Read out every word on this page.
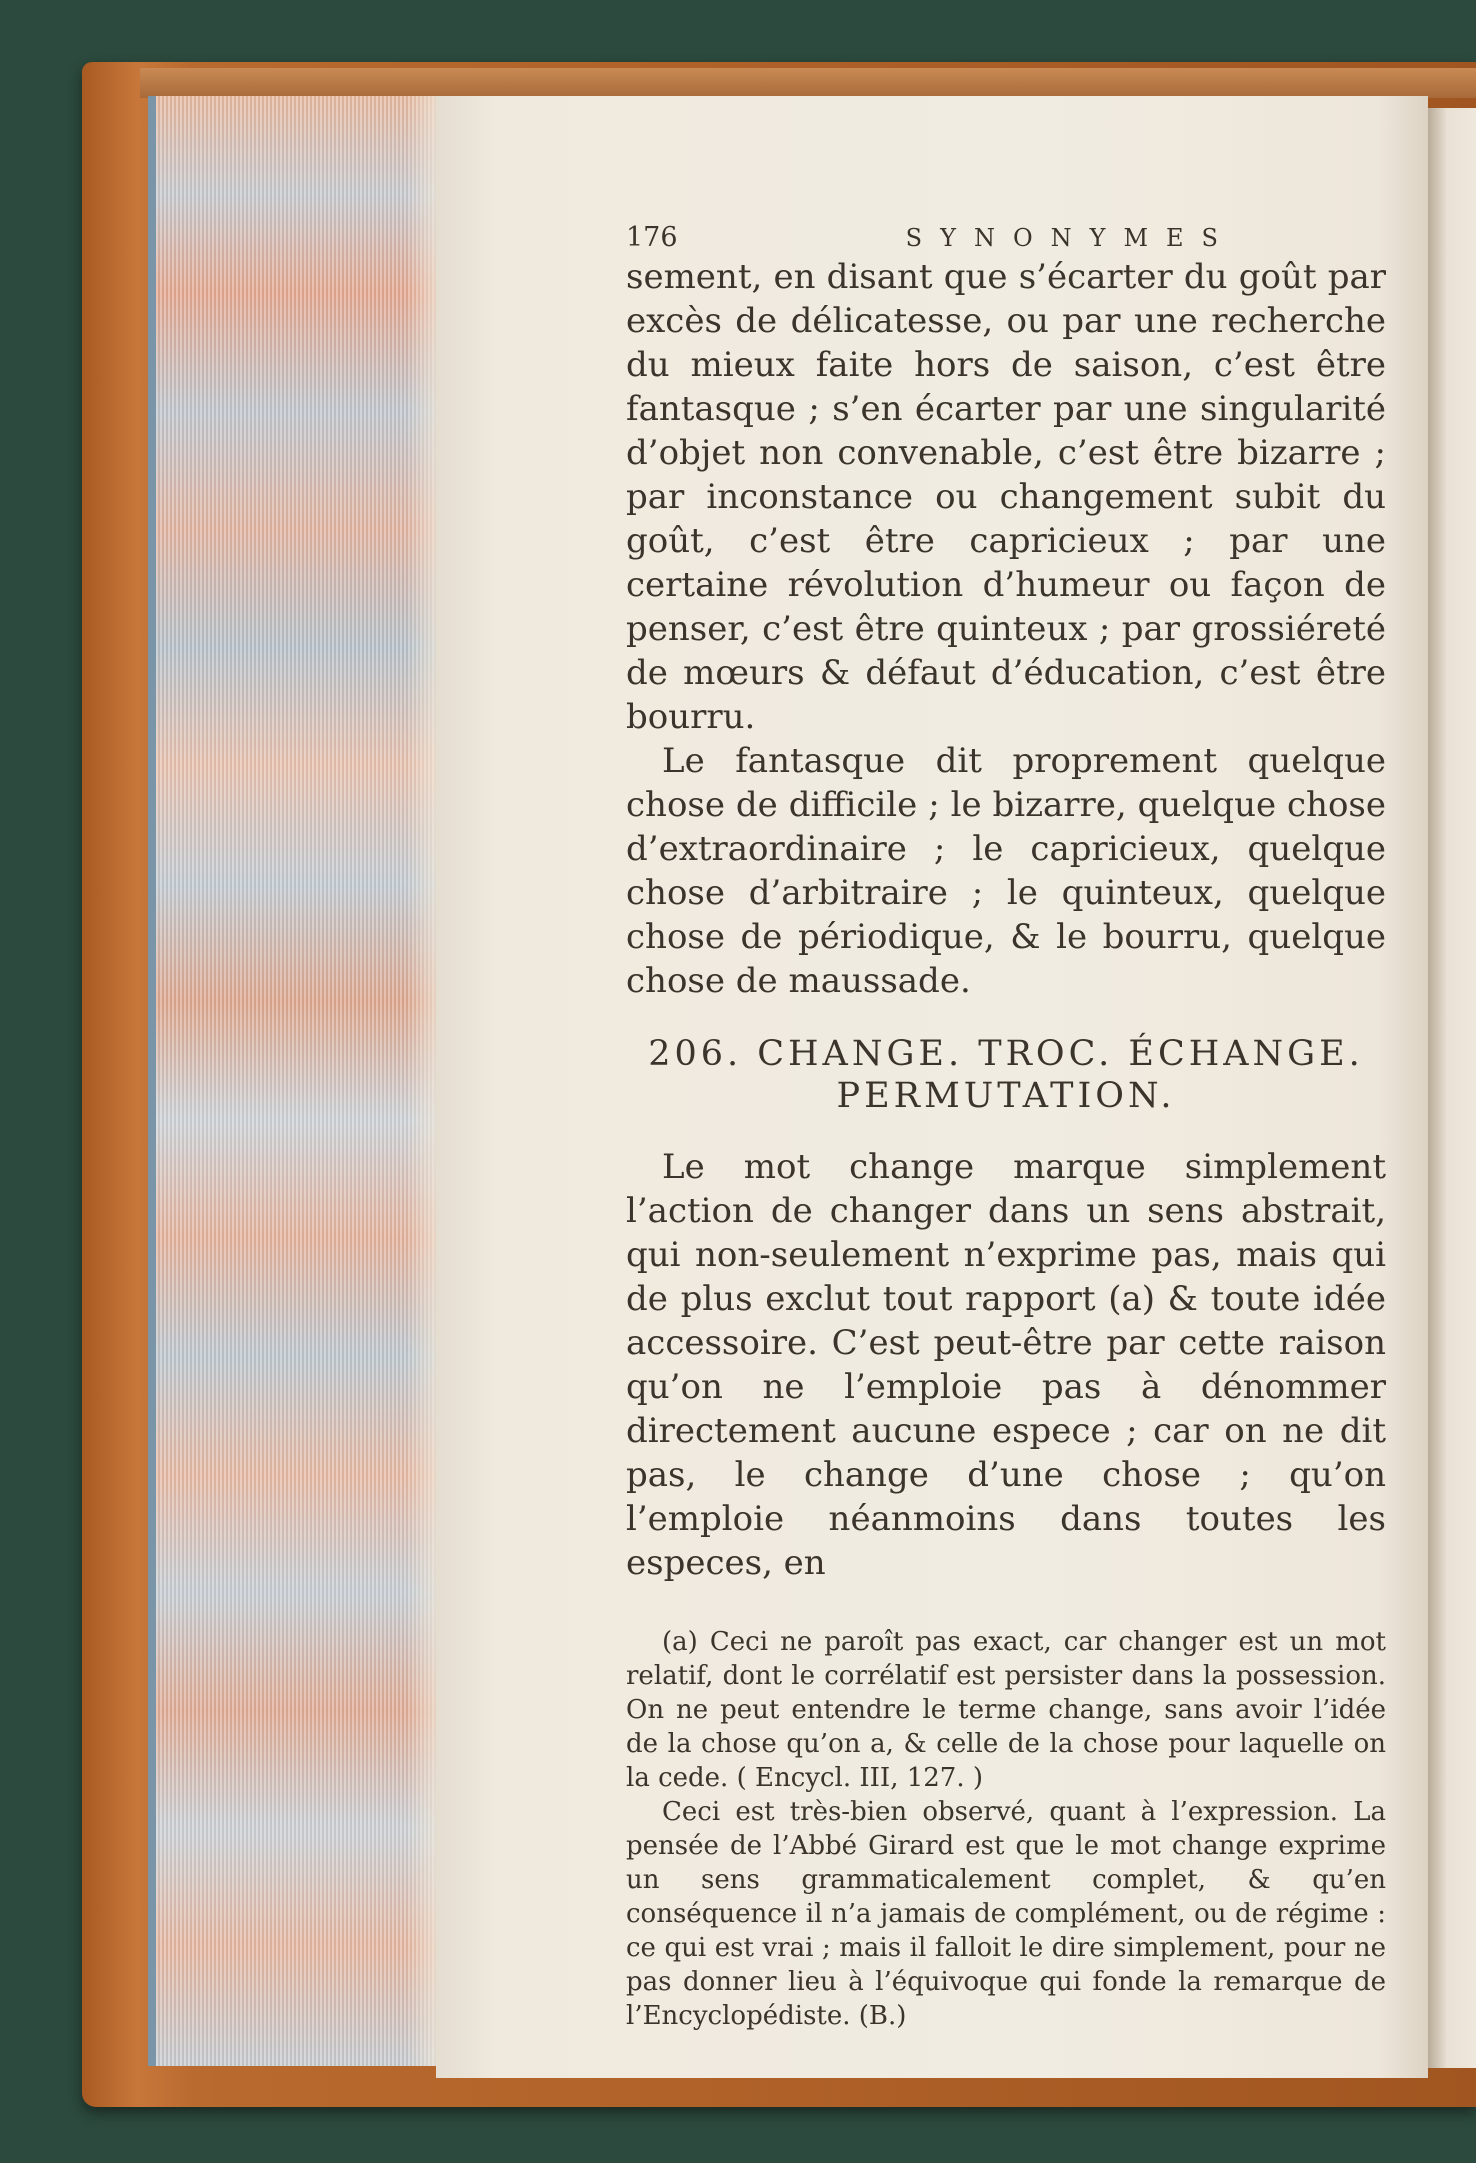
176	SYNONYMES

sement, en disant que s’écarter du goût par excès de délicatesse, ou par une recherche du mieux faite hors de saison, c’est être fantasque ; s’en écarter par une singularité d’objet non convenable, c’est être bizarre ; par inconstance ou changement subit du goût, c’est être capricieux ; par une certaine révolution d’humeur ou façon de penser, c’est être quinteux ; par grossiéreté de mœurs & défaut d’éducation, c’est être bourru.

Le fantasque dit proprement quelque chose de difficile ; le bizarre, quelque chose d’extraordinaire ; le capricieux, quelque chose d’arbitraire ; le quinteux, quelque chose de périodique, & le bourru, quelque chose de maussade.

206. CHANGE. TROC. ÉCHANGE.
PERMUTATION.

Le mot change marque simplement l’action de changer dans un sens abstrait, qui non-seulement n’exprime pas, mais qui de plus exclut tout rapport (a) & toute idée accessoire. C’est peut-être par cette raison qu’on ne l’emploie pas à dénommer directement aucune espece ; car on ne dit pas, le change d’une chose ; qu’on l’emploie néanmoins dans toutes les especes, en

(a) Ceci ne paroît pas exact, car changer est un mot relatif, dont le corrélatif est persister dans la possession. On ne peut entendre le terme change, sans avoir l’idée de la chose qu’on a, & celle de la chose pour laquelle on la cede. ( Encycl. III, 127. )

Ceci est très-bien observé, quant à l’expression. La pensée de l’Abbé Girard est que le mot change exprime un sens grammaticalement complet, & qu’en conséquence il n’a jamais de complément, ou de régime : ce qui est vrai ; mais il falloit le dire simplement, pour ne pas donner lieu à l’équivoque qui fonde la remarque de l’Encyclopédiste. (B.)
